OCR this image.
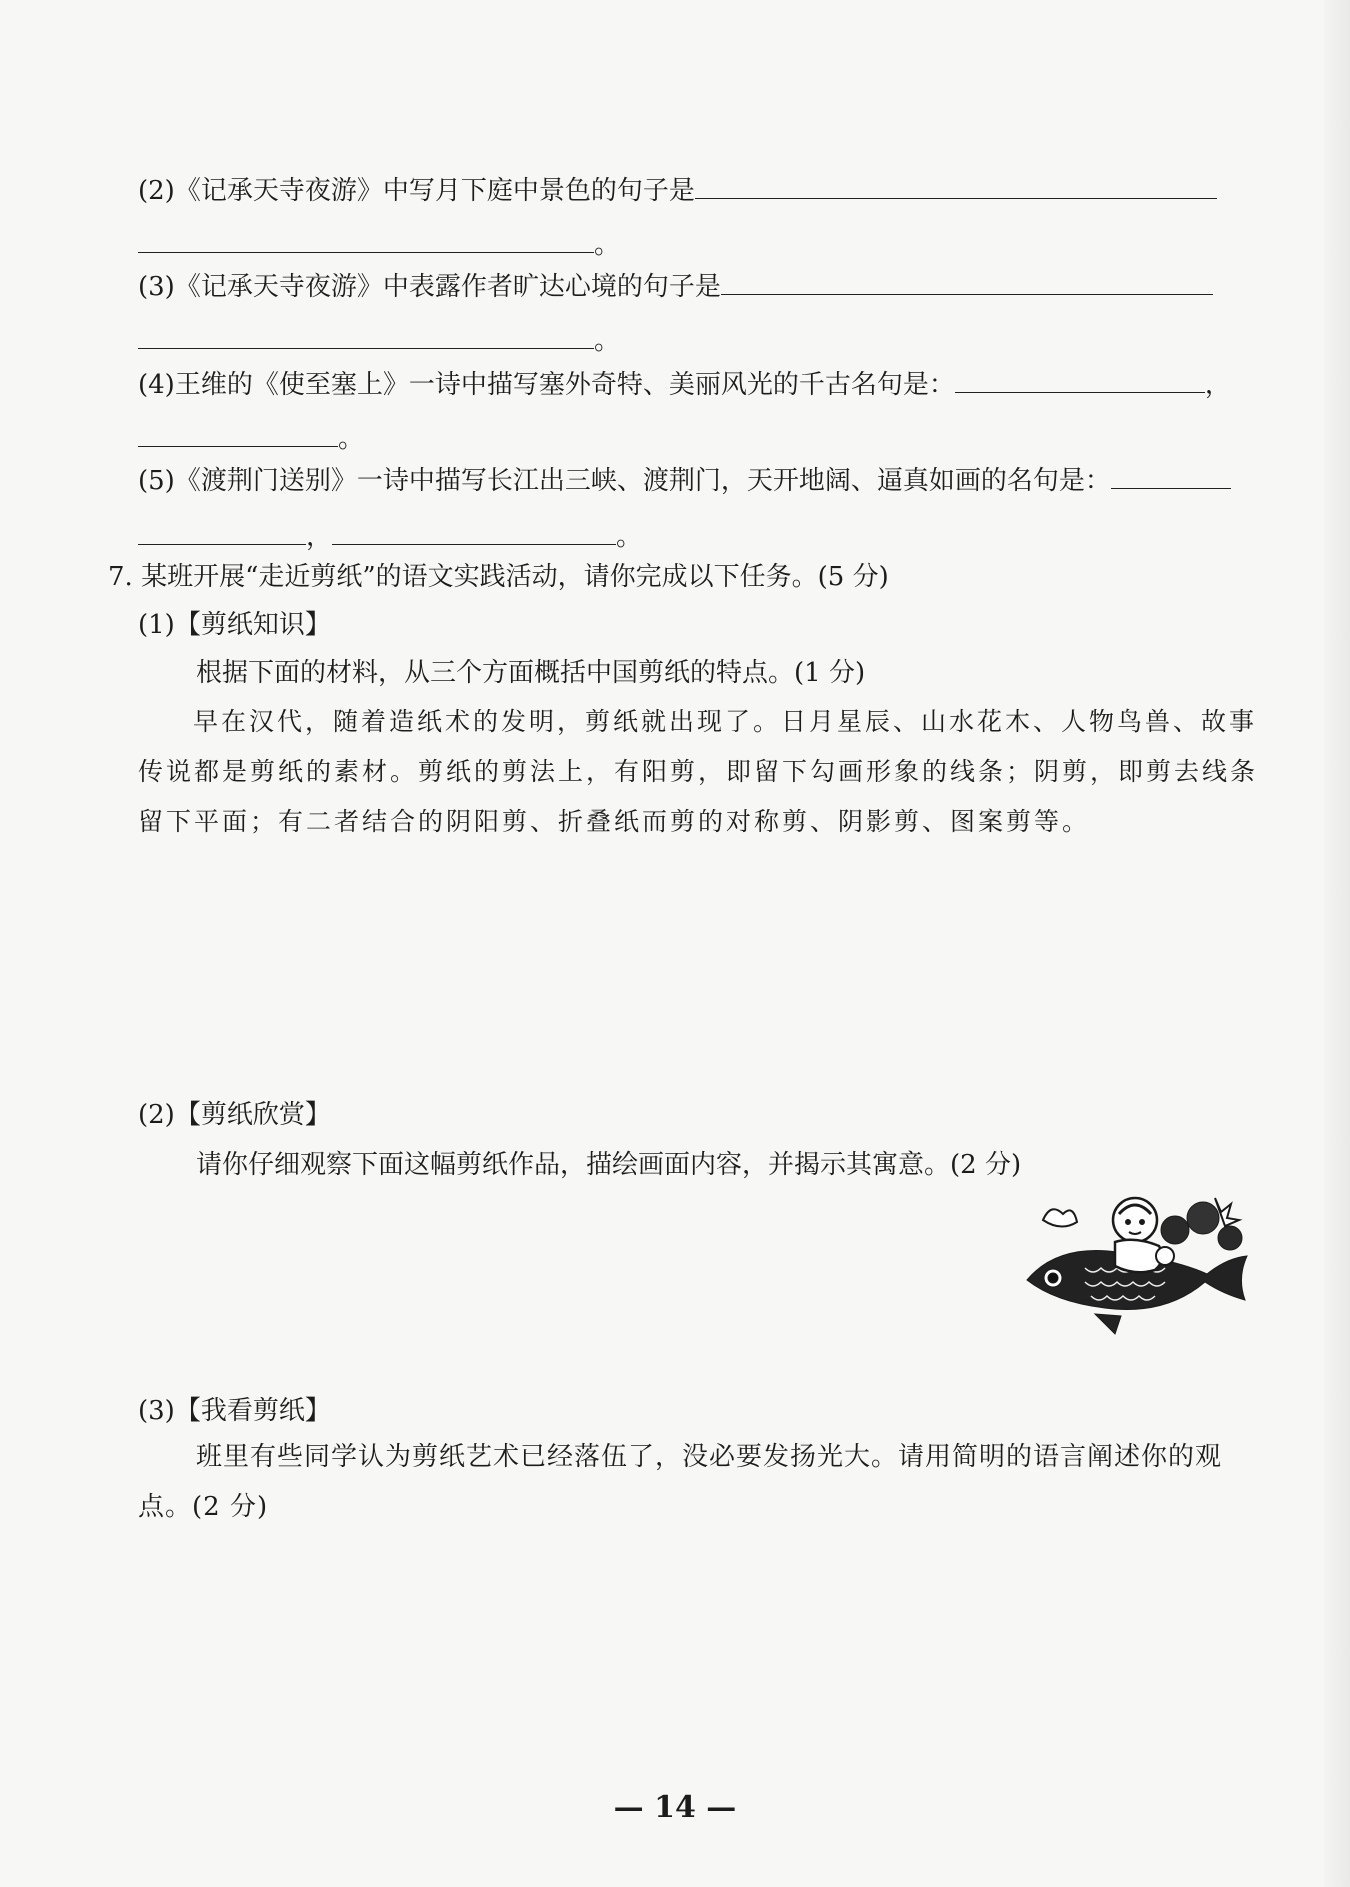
(2)《记承天寺夜游》中写月下庭中景色的句子是
。
(3)《记承天寺夜游》中表露作者旷达心境的句子是
。
(4)王维的《使至塞上》一诗中描写塞外奇特、美丽风光的千古名句是：	，
。
(5)《渡荆门送别》一诗中描写长江出三峡、渡荆门，天开地阔、逼真如画的名句是：
，	。
7. 某班开展“走近剪纸”的语文实践活动，请你完成以下任务。(5 分)
(1)【剪纸知识】
根据下面的材料，从三个方面概括中国剪纸的特点。(1 分)
早在汉代，随着造纸术的发明，剪纸就出现了。日月星辰、山水花木、人物鸟兽、故事传说都是剪纸的素材。剪纸的剪法上，有阳剪，即留下勾画形象的线条；阴剪，即剪去线条留下平面；有二者结合的阴阳剪、折叠纸而剪的对称剪、阴影剪、图案剪等。
(2)【剪纸欣赏】
请你仔细观察下面这幅剪纸作品，描绘画面内容，并揭示其寓意。(2 分)
(3)【我看剪纸】
班里有些同学认为剪纸艺术已经落伍了，没必要发扬光大。请用简明的语言阐述你的观点。(2 分)
— 14 —
